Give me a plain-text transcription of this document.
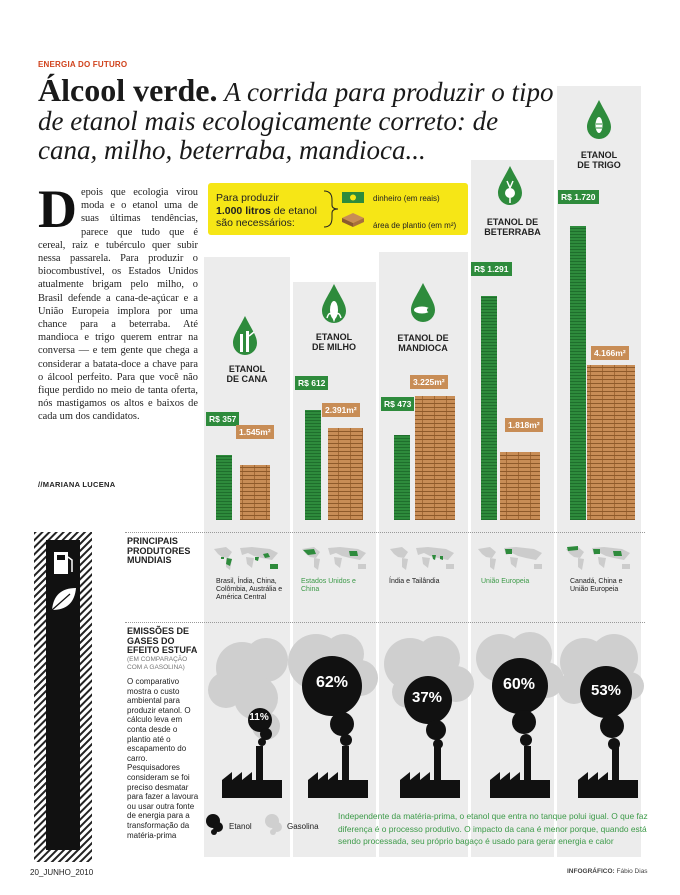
ENERGIA DO FUTURO
Álcool verde. A corrida para produzir o tipo de etanol mais ecologicamente correto: de cana, milho, beterraba, mandioca...
Depois que ecologia virou moda e o etanol uma de suas últimas tendências, parece que tudo que é cereal, raiz e tubérculo quer subir nessa passarela. Para produzir o biocombustível, os Estados Unidos atualmente brigam pelo milho, o Brasil defende a cana-de-açúcar e a União Europeia implora por uma chance para a beterraba. Até mandioca e trigo querem entrar na conversa — e tem gente que chega a considerar a batata-doce a chave para o álcool perfeito. Para que você não fique perdido no meio de tanta oferta, nós mastigamos os altos e baixos de cada um dos candidatos.
//MARIANA LUCENA
Para produzir
1.000 litros de etanol
são necessários:
dinheiro (em reais)
área de plantio (em m²)
ETANOL
DE CANA
ETANOL
DE MILHO
ETANOL DE
MANDIOCA
ETANOL DE
BETERRABA
ETANOL
DE TRIGO
R$ 357
1.545m²
R$ 612
2.391m²
R$ 473
3.225m²
R$ 1.291
1.818m²
R$ 1.720
4.166m²
PRINCIPAIS PRODUTORES MUNDIAIS
Brasil, Índia, China, Colômbia, Austrália e América Central
Estados Unidos e China
Índia e Tailândia	União Europeia	Canadá, China e União Europeia
EMISSÕES DE GASES DO EFEITO ESTUFA
(EM COMPARAÇÃO COM A GASOLINA)
O comparativo mostra o custo ambiental para produzir etanol. O cálculo leva em conta desde o plantio até o escapamento do carro. Pesquisadores consideram se foi preciso desmatar para fazer a lavoura ou usar outra fonte de energia para a transformação da matéria-prima
11%
62%
37%
60%	53%
Etanol	Gasolina
Independente da matéria-prima, o etanol que entra no tanque polui igual. O que faz diferença é o processo produtivo. O impacto da cana é menor porque, quando está sendo processada, seu próprio bagaço é usado para gerar energia e calor
20_JUNHO_2010	INFOGRÁFICO: Fábio Dias
